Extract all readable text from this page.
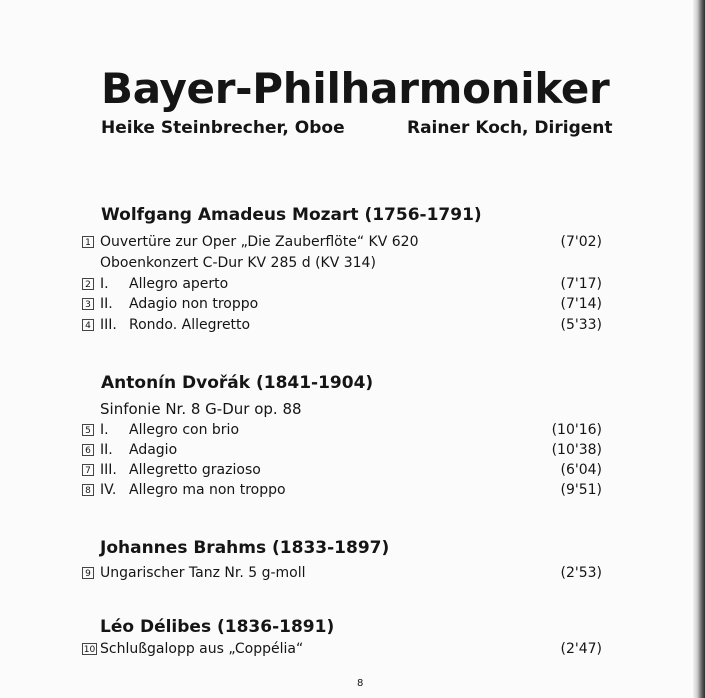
Bayer-Philharmoniker
Heike Steinbrecher, Oboe	Rainer Koch, Dirigent
Wolfgang Amadeus Mozart (1756-1791)
1 Ouvertüre zur Oper „Die Zauberflöte“ KV 620	(7'02)
Oboenkonzert C-Dur KV 285 d (KV 314)
2 I. Allegro aperto	(7'17)
3 II. Adagio non troppo	(7'14)
4 III. Rondo. Allegretto	(5'33)
Antonín Dvořák (1841-1904)
Sinfonie Nr. 8 G-Dur op. 88
5 I. Allegro con brio	(10'16)
6 II. Adagio	(10'38)
7 III. Allegretto grazioso	(6'04)
8 IV. Allegro ma non troppo	(9'51)
Johannes Brahms (1833-1897)
9 Ungarischer Tanz Nr. 5 g-moll	(2'53)
Léo Délibes (1836-1891)
10 Schlußgalopp aus „Coppélia“	(2'47)
8
